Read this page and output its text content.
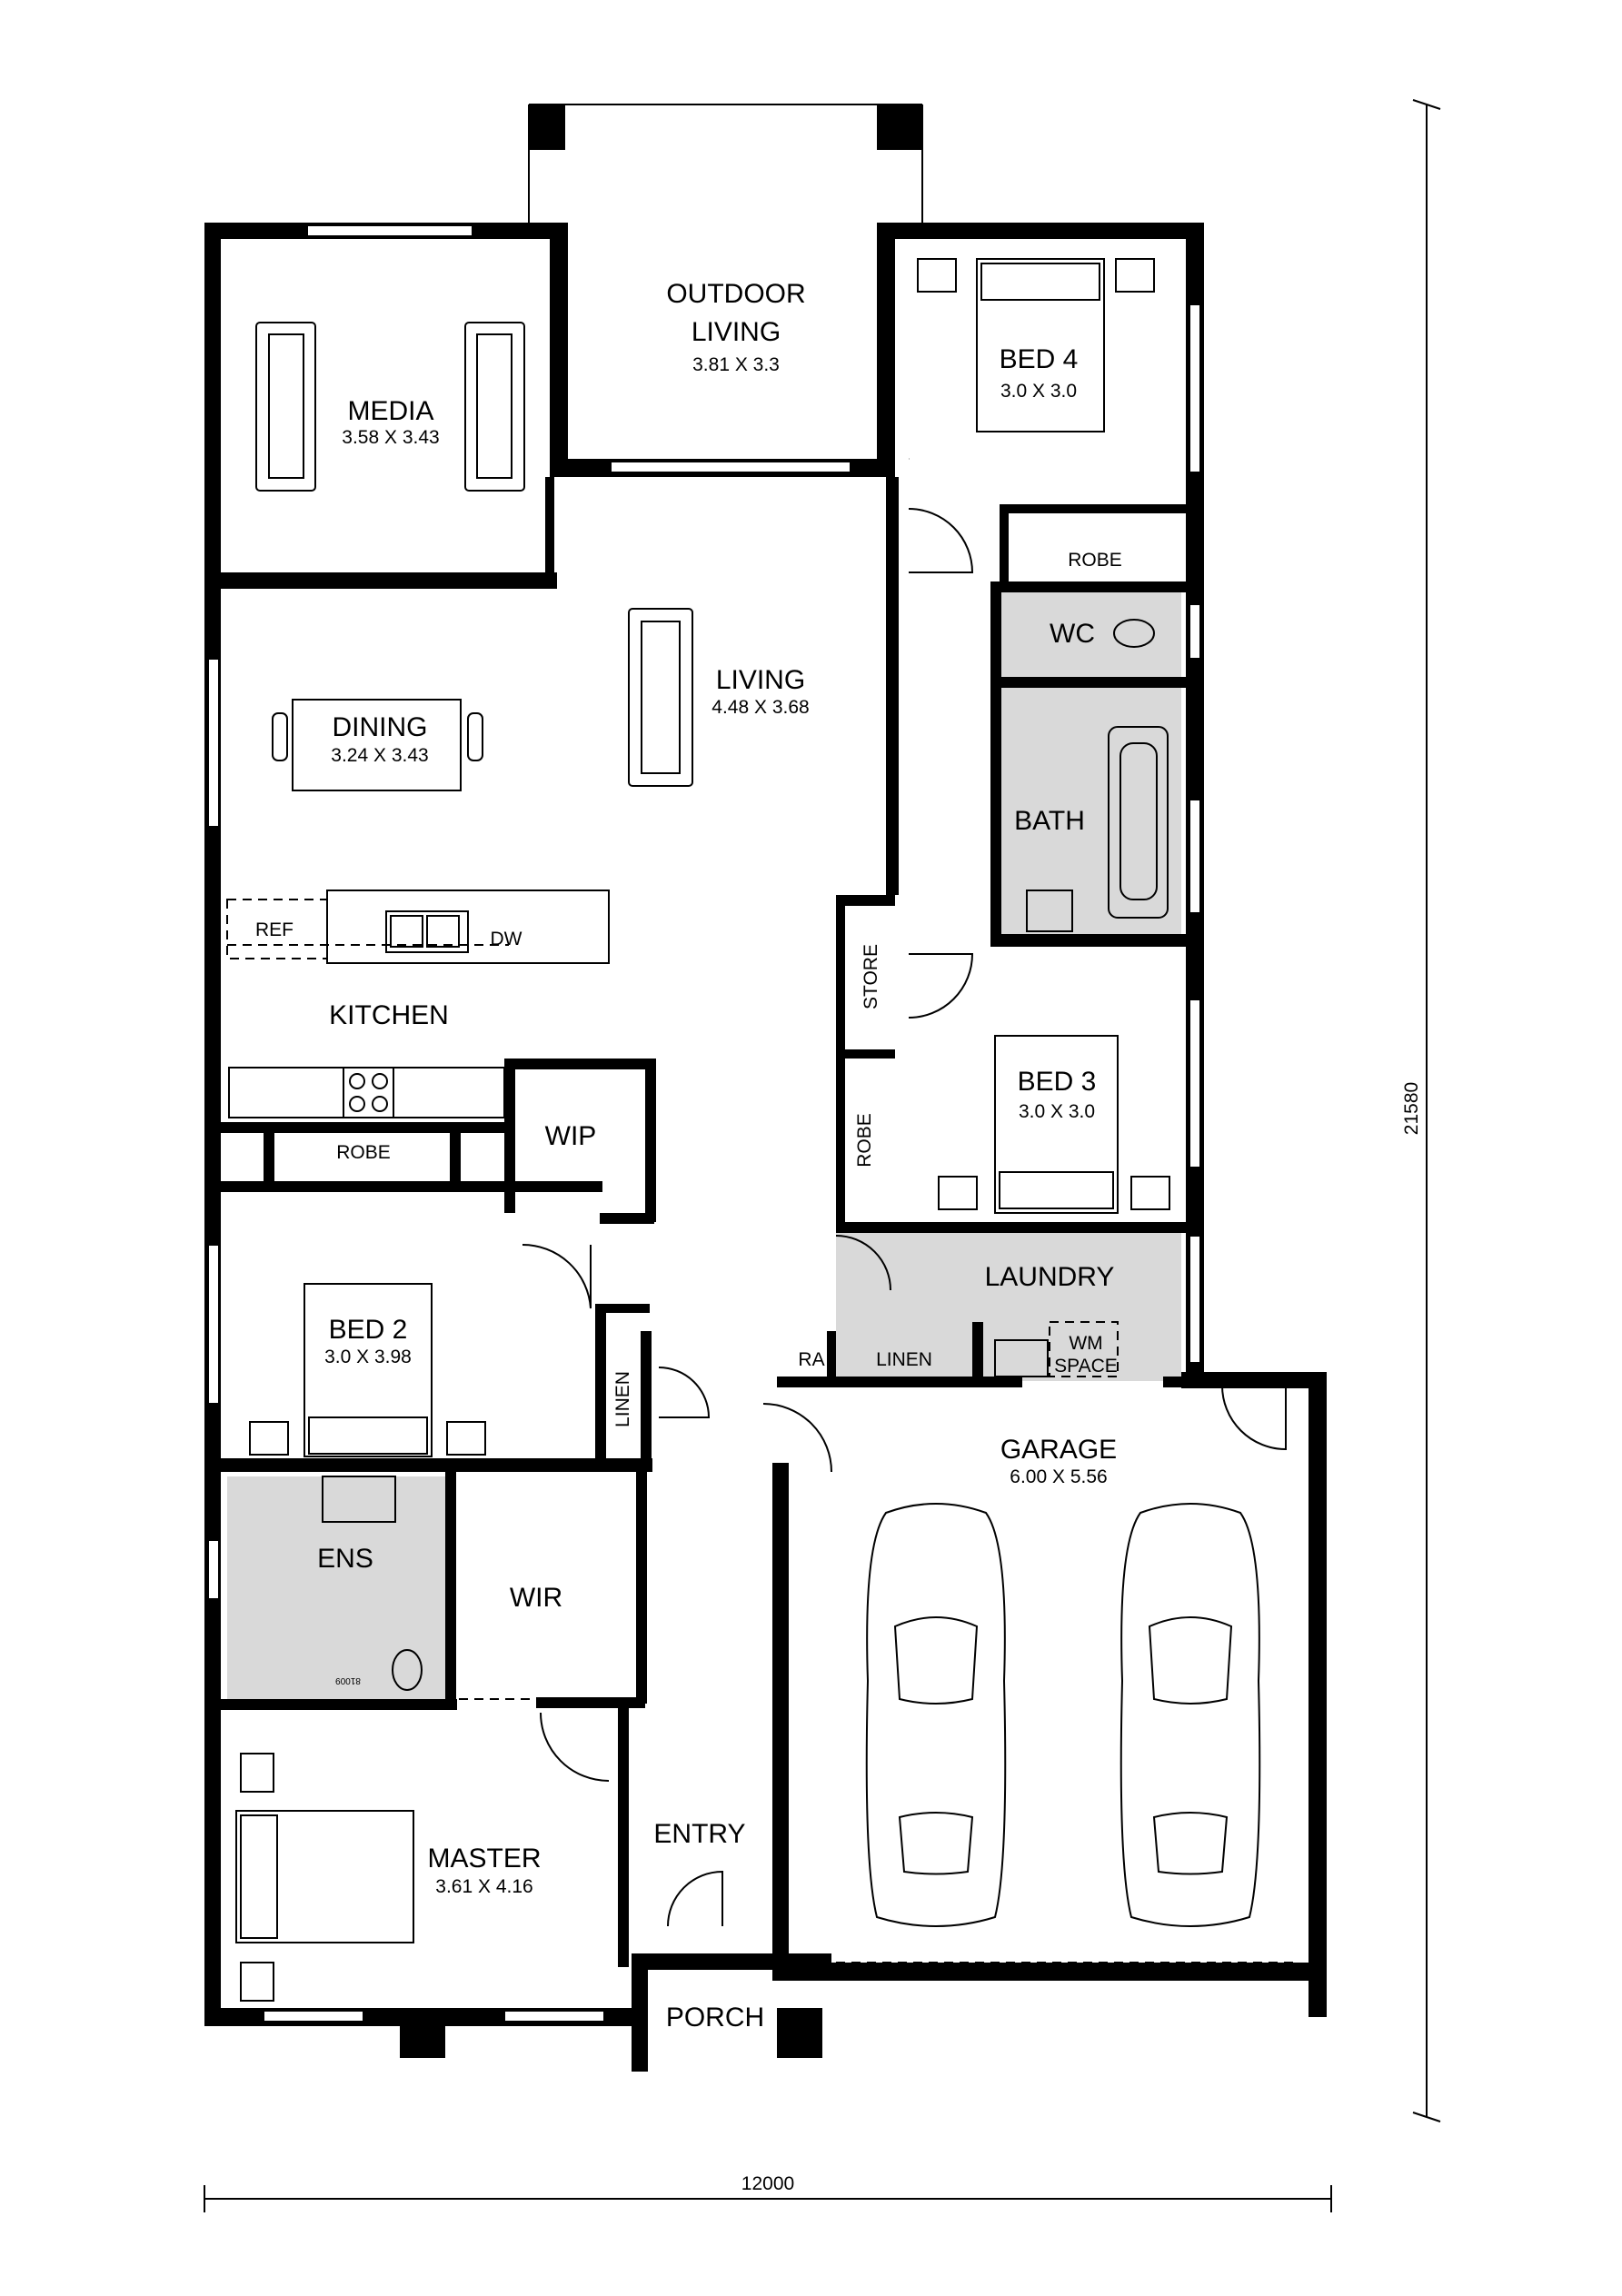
OUTDOOR
LIVING
3.81 X 3.3
MEDIA
3.58 X 3.43
BED 4
3.0 X 3.0
ROBE
WC
LIVING
4.48 X 3.68
DINING
3.24 X 3.43
BATH
REF	DW
STORE
KITCHEN
BED 3
3.0 X 3.0
ROBE
ROBE
WIP
LAUNDRY
BED 2
3.0 X 3.98
LINEN
RA	LINEN
WM
SPACE
GARAGE
6.00 X 5.56
ENS
WIR
81009
ENTRY
MASTER
3.61 X 4.16
PORCH
12000
21580
